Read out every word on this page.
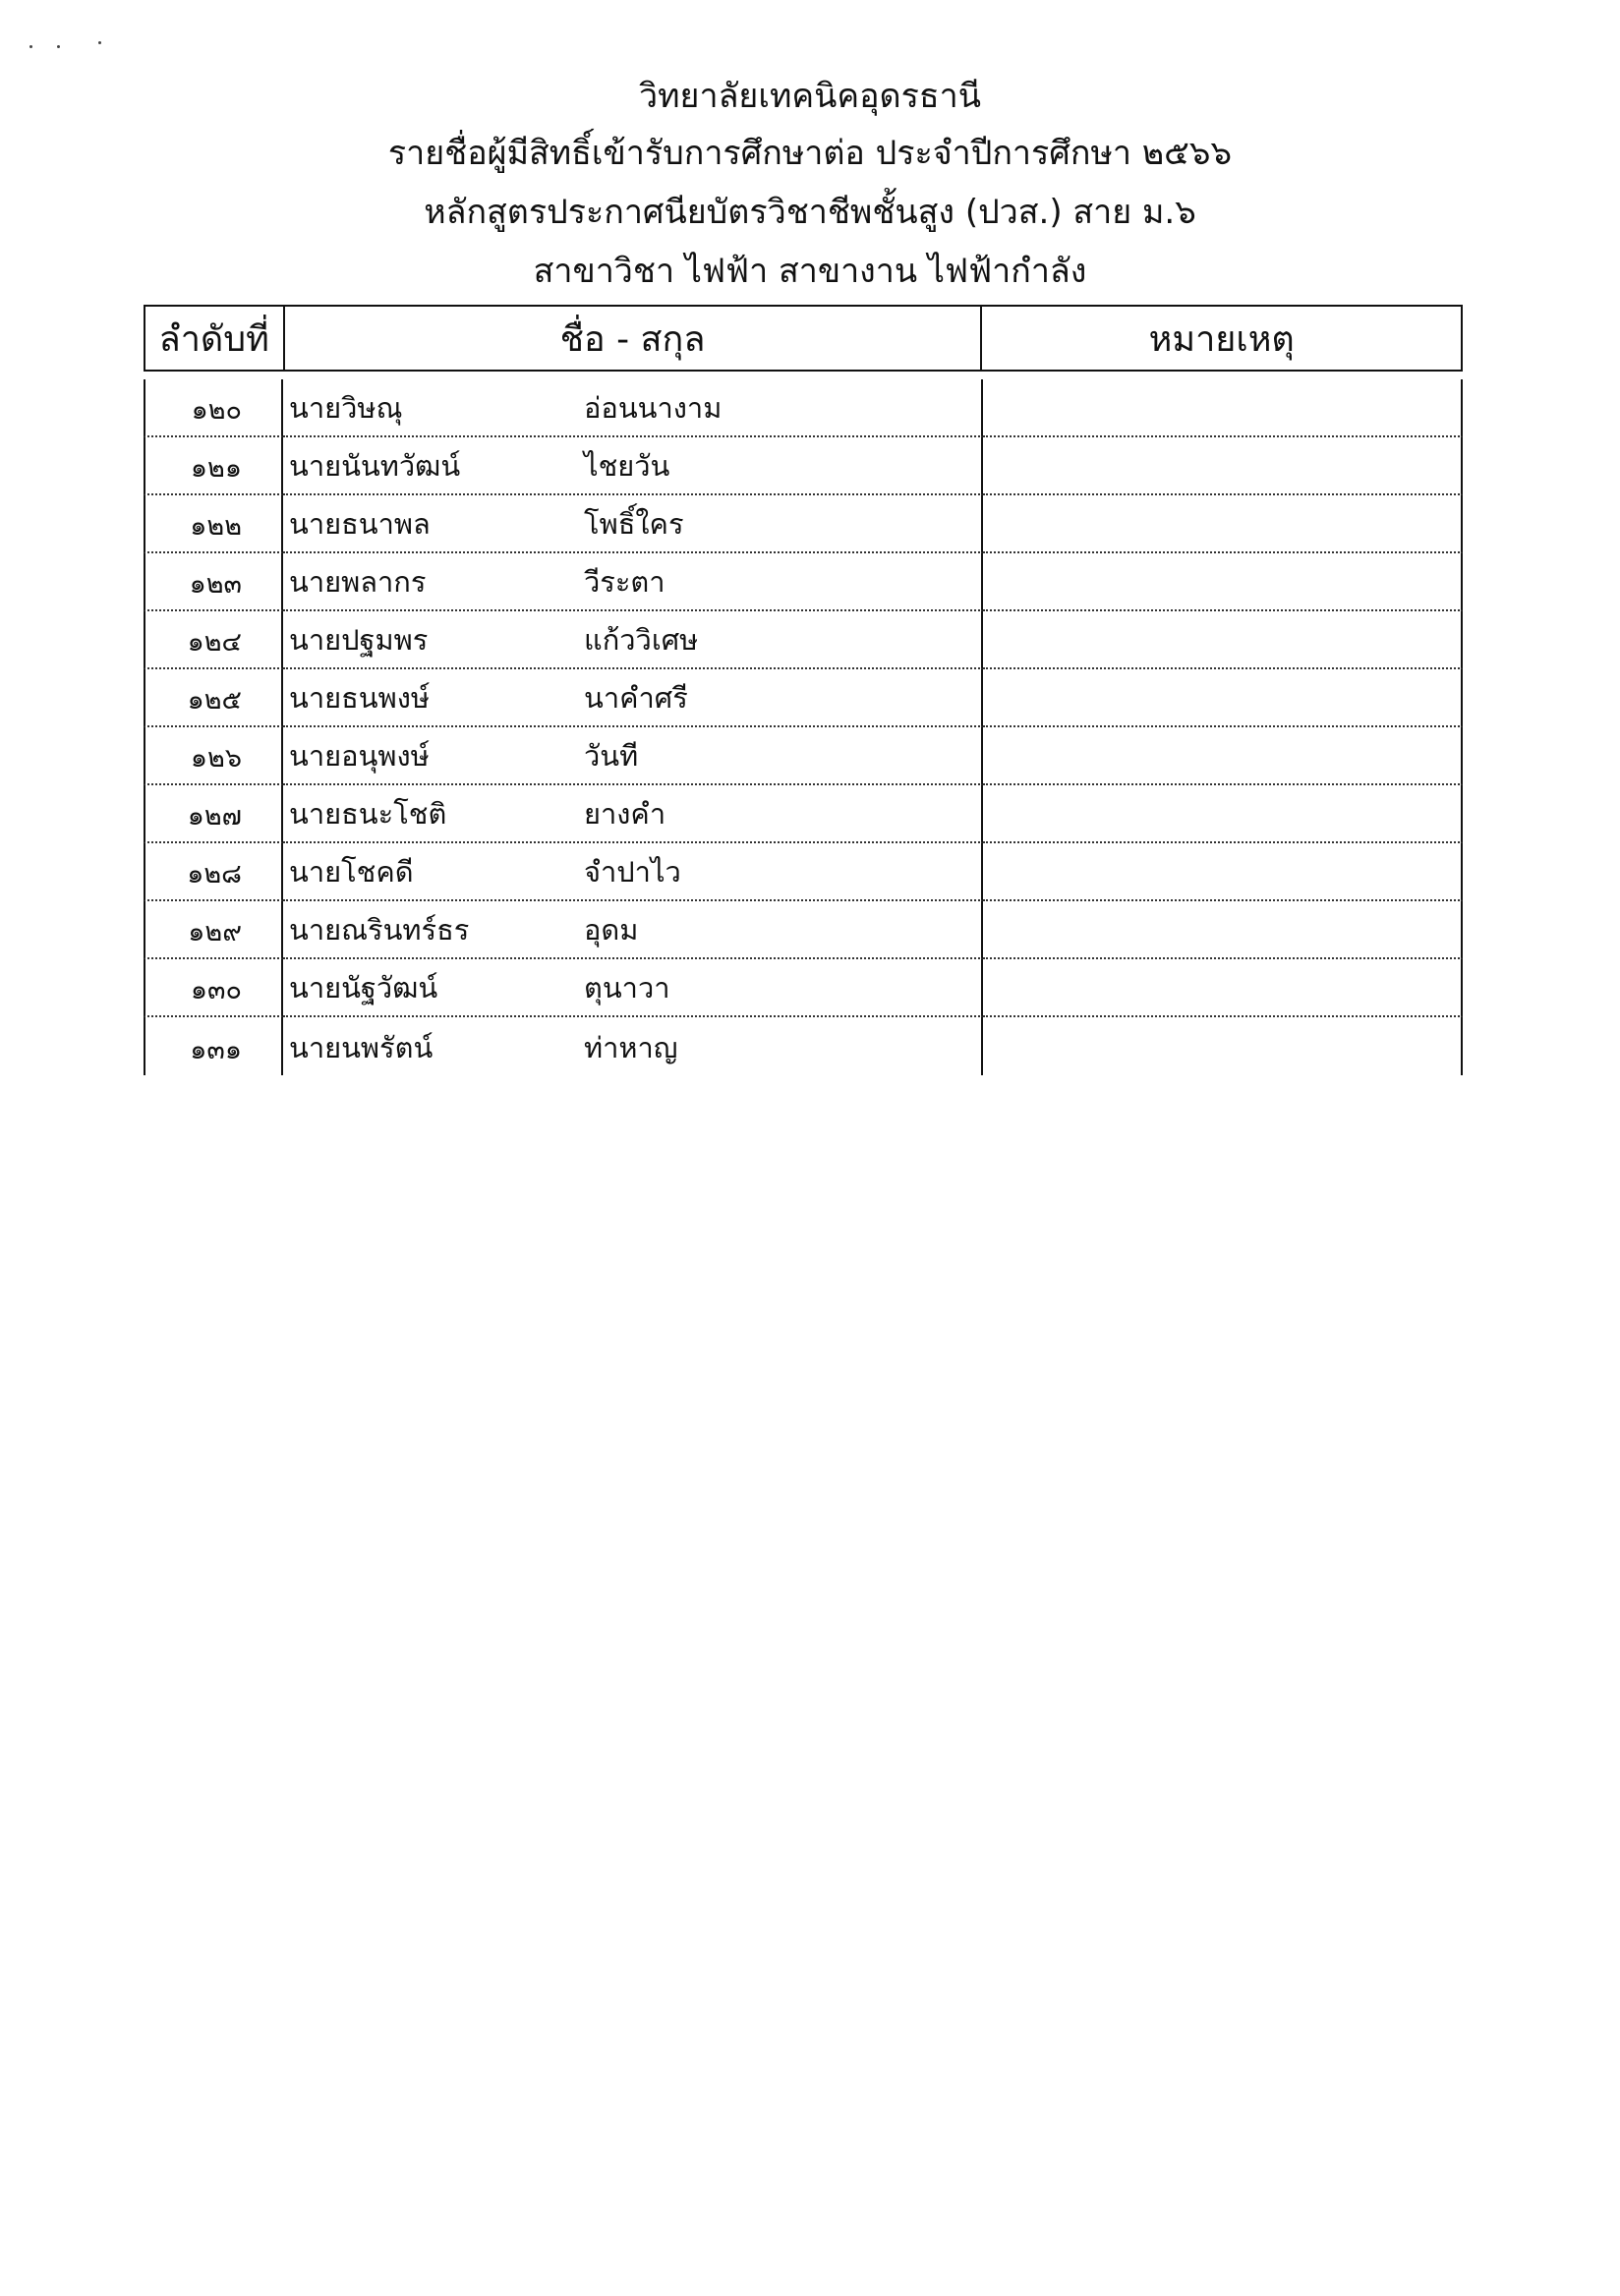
วิทยาลัยเทคนิคอุดรธานี
รายชื่อผู้มีสิทธิ์เข้ารับการศึกษาต่อ ประจำปีการศึกษา ๒๕๖๖
หลักสูตรประกาศนียบัตรวิชาชีพชั้นสูง (ปวส.) สาย ม.๖
สาขาวิชา ไฟฟ้า สาขางาน ไฟฟ้ากำลัง
ลำดับที่	ชื่อ - สกุล	หมายเหตุ
๑๒๐	นายวิษณุ	อ่อนนางาม
๑๒๑	นายนันทวัฒน์	ไชยวัน
๑๒๒	นายธนาพล	โพธิ์ใคร
๑๒๓	นายพลากร	วีระตา
๑๒๔	นายปฐมพร	แก้ววิเศษ
๑๒๕	นายธนพงษ์	นาคำศรี
๑๒๖	นายอนุพงษ์	วันที
๑๒๗	นายธนะโชติ	ยางคำ
๑๒๘	นายโชคดี	จำปาไว
๑๒๙	นายณรินทร์ธร	อุดม
๑๓๐	นายนัฐวัฒน์	ตุนาวา
๑๓๑	นายนพรัตน์	ท่าหาญ
